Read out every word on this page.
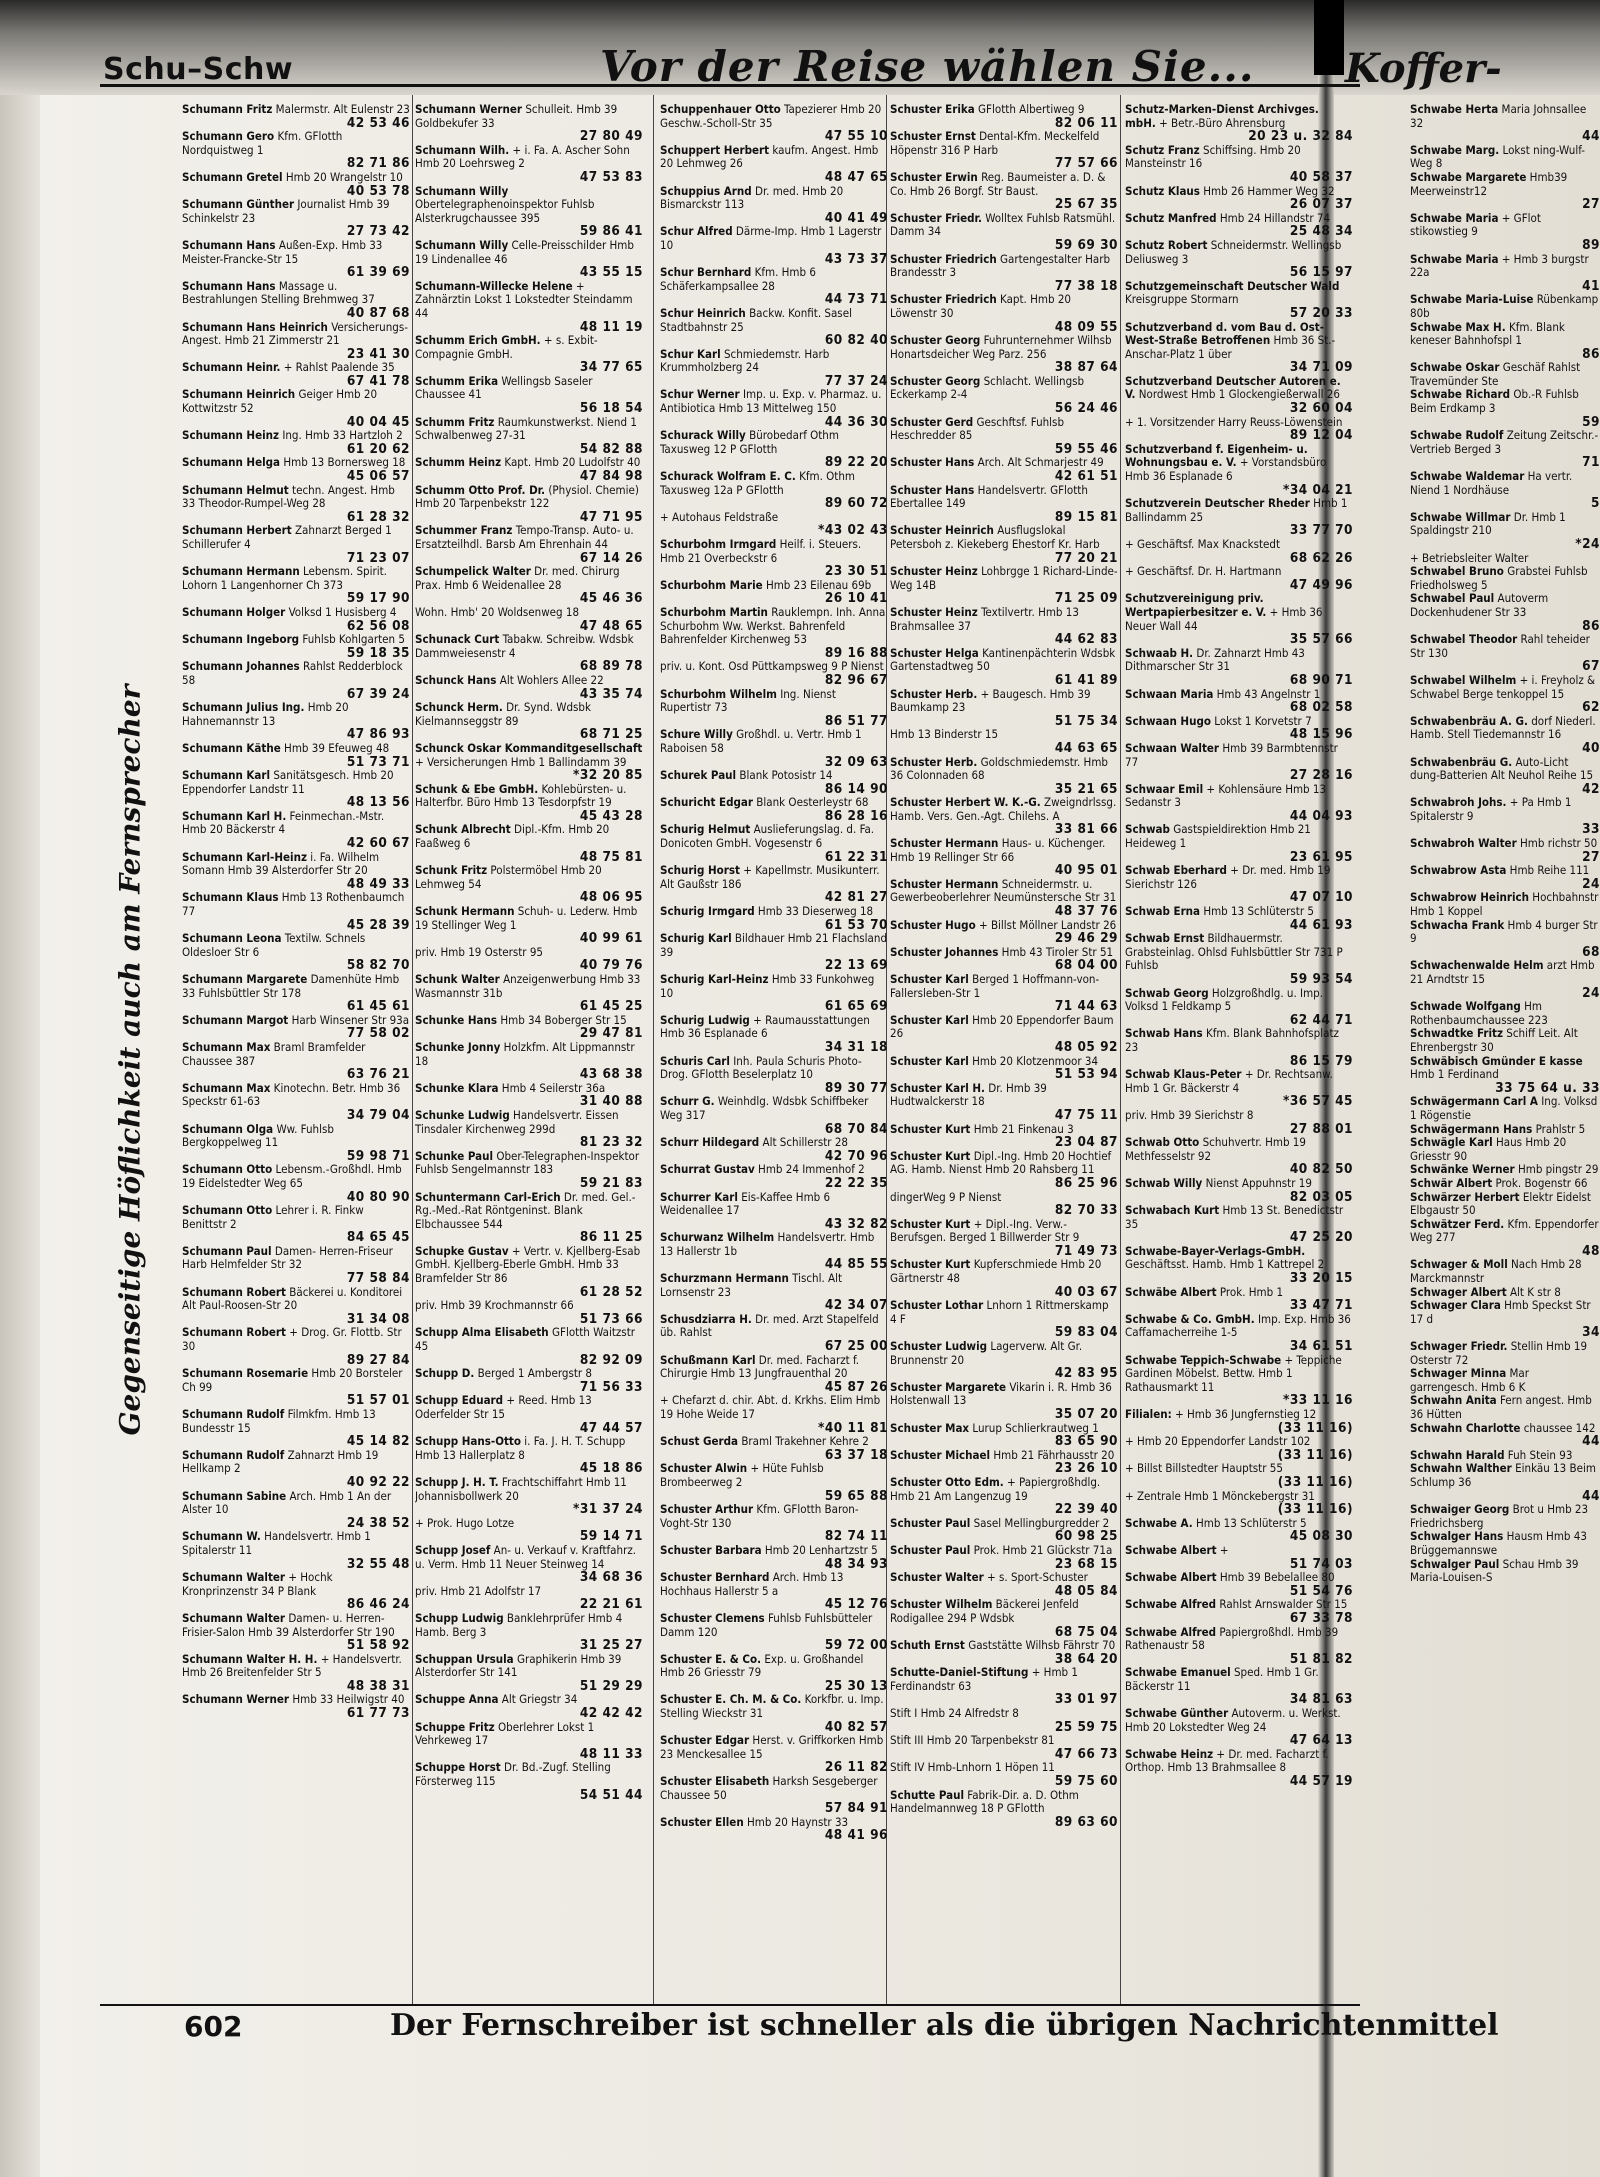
Schu–Schw	Vor der Reise wählen Sie... Koffer-
Gegenseitige Höflichkeit auch am Fernsprecher
Schumann Fritz Malermstr. Alt Eulenstr 23
42 53 46
Schumann Gero Kfm. GFlotth Nordquistweg 1
82 71 86
Schumann Gretel Hmb 20 Wrangelstr 10
40 53 78
Schumann Günther Journalist Hmb 39 Schinkelstr 23
27 73 42
Schumann Hans Außen-Exp. Hmb 33 Meister-Francke-Str 15
61 39 69
Schumann Hans Massage u. Bestrahlungen Stelling Brehmweg 37
40 87 68
Schumann Hans Heinrich Versicherungs-Angest. Hmb 21 Zimmerstr 21
23 41 30
Schumann Heinr. + Rahlst Paalende 35
67 41 78
Schumann Heinrich Geiger Hmb 20 Kottwitzstr 52
40 04 45
Schumann Heinz Ing. Hmb 33 Hartzloh 2
61 20 62
Schumann Helga Hmb 13 Bornersweg 18
45 06 57
Schumann Helmut techn. Angest. Hmb 33 Theodor-Rumpel-Weg 28
61 28 32
Schumann Herbert Zahnarzt Berged 1 Schillerufer 4
71 23 07
Schumann Hermann Lebensm. Spirit. Lohorn 1 Langenhorner Ch 373
59 17 90
Schumann Holger Volksd 1 Husisberg 4
62 56 08
Schumann Ingeborg Fuhlsb Kohlgarten 5
59 18 35
Schumann Johannes Rahlst Redderblock 58
67 39 24
Schumann Julius Ing. Hmb 20 Hahnemannstr 13
47 86 93
Schumann Käthe Hmb 39 Efeuweg 48
51 73 71
Schumann Karl Sanitätsgesch. Hmb 20 Eppendorfer Landstr 11
48 13 56
Schumann Karl H. Feinmechan.-Mstr. Hmb 20 Bäckerstr 4
42 60 67
Schumann Karl-Heinz i. Fa. Wilhelm Somann Hmb 39 Alsterdorfer Str 20
48 49 33
Schumann Klaus Hmb 13 Rothenbaumch 77
45 28 39
Schumann Leona Textilw. Schnels Oldesloer Str 6
58 82 70
Schumann Margarete Damenhüte Hmb 33 Fuhlsbüttler Str 178
61 45 61
Schumann Margot Harb Winsener Str 93a
77 58 02
Schumann Max Braml Bramfelder Chaussee 387
63 76 21
Schumann Max Kinotechn. Betr. Hmb 36 Speckstr 61-63
34 79 04
Schumann Olga Ww. Fuhlsb Bergkoppelweg 11
59 98 71
Schumann Otto Lebensm.-Großhdl. Hmb 19 Eidelstedter Weg 65
40 80 90
Schumann Otto Lehrer i. R. Finkw Benittstr 2
84 65 45
Schumann Paul Damen- Herren-Friseur Harb Helmfelder Str 32
77 58 84
Schumann Robert Bäckerei u. Konditorei Alt Paul-Roosen-Str 20
31 34 08
Schumann Robert + Drog. Gr. Flottb. Str 30
89 27 84
Schumann Rosemarie Hmb 20 Borsteler Ch 99
51 57 01
Schumann Rudolf Filmkfm. Hmb 13 Bundesstr 15
45 14 82
Schumann Rudolf Zahnarzt Hmb 19 Hellkamp 2
40 92 22
Schumann Sabine Arch. Hmb 1 An der Alster 10
24 38 52
Schumann W. Handelsvertr. Hmb 1 Spitalerstr 11
32 55 48
Schumann Walter + Hochk Kronprinzenstr 34 P Blank
86 46 24
Schumann Walter Damen- u. Herren-Frisier-Salon Hmb 39 Alsterdorfer Str 190
51 58 92
Schumann Walter H. H. + Handelsvertr. Hmb 26 Breitenfelder Str 5
48 38 31
Schumann Werner Hmb 33 Heilwigstr 40
61 77 73
Schumann Werner Schulleit. Hmb 39 Goldbekufer 33
27 80 49
Schumann Wilh. + i. Fa. A. Ascher Sohn Hmb 20 Loehrsweg 2
47 53 83
Schumann Willy Obertelegraphenoinspektor Fuhlsb Alsterkrugchaussee 395
59 86 41
Schumann Willy Celle-Preisschilder Hmb 19 Lindenallee 46
43 55 15
Schumann-Willecke Helene + Zahnärztin Lokst 1 Lokstedter Steindamm 44
48 11 19
Schumm Erich GmbH. + s. Exbit-Compagnie GmbH.
34 77 65
Schumm Erika Wellingsb Saseler Chaussee 41
56 18 54
Schumm Fritz Raumkunstwerkst. Niend 1 Schwalbenweg 27-31
54 82 88
Schumm Heinz Kapt. Hmb 20 Ludolfstr 40
47 84 98
Schumm Otto Prof. Dr. (Physiol. Chemie) Hmb 20 Tarpenbekstr 122
47 71 95
Schummer Franz Tempo-Transp. Auto- u. Ersatzteilhdl. Barsb Am Ehrenhain 44
67 14 26
Schumpelick Walter Dr. med. Chirurg Prax. Hmb 6 Weidenallee 28
45 46 36
Wohn. Hmb' 20 Woldsenweg 18
47 48 65
Schunack Curt Tabakw. Schreibw. Wdsbk Dammweiesenstr 4
68 89 78
Schunck Hans Alt Wohlers Allee 22
43 35 74
Schunck Herm. Dr. Synd. Wdsbk Kielmannseggstr 89
68 71 25
Schunck Oskar Kommanditgesellschaft + Versicherungen Hmb 1 Ballindamm 39
*32 20 85
Schunk & Ebe GmbH. Kohlebürsten- u. Halterfbr. Büro Hmb 13 Tesdorpfstr 19
45 43 28
Schunk Albrecht Dipl.-Kfm. Hmb 20 Faaßweg 6
48 75 81
Schunk Fritz Polstermöbel Hmb 20 Lehmweg 54
48 06 95
Schunk Hermann Schuh- u. Lederw. Hmb 19 Stellinger Weg 1
40 99 61
priv. Hmb 19 Osterstr 95
40 79 76
Schunk Walter Anzeigenwerbung Hmb 33 Wasmannstr 31b
61 45 25
Schunke Hans Hmb 34 Boberger Str 15
29 47 81
Schunke Jonny Holzkfm. Alt Lippmannstr 18
43 68 38
Schunke Klara Hmb 4 Seilerstr 36a
31 40 88
Schunke Ludwig Handelsvertr. Eissen Tinsdaler Kirchenweg 299d
81 23 32
Schunke Paul Ober-Telegraphen-Inspektor Fuhlsb Sengelmannstr 183
59 21 83
Schuntermann Carl-Erich Dr. med. Gel.-Rg.-Med.-Rat Röntgeninst. Blank Elbchaussee 544
86 11 25
Schupke Gustav + Vertr. v. Kjellberg-Esab GmbH. Kjellberg-Eberle GmbH. Hmb 33 Bramfelder Str 86
61 28 52
priv. Hmb 39 Krochmannstr 66
51 73 66
Schupp Alma Elisabeth GFlotth Waitzstr 45
82 92 09
Schupp D. Berged 1 Ambergstr 8
71 56 33
Schupp Eduard + Reed. Hmb 13 Oderfelder Str 15
47 44 57
Schupp Hans-Otto i. Fa. J. H. T. Schupp Hmb 13 Hallerplatz 8
45 18 86
Schupp J. H. T. Frachtschiffahrt Hmb 11 Johannisbollwerk 20
*31 37 24
+ Prok. Hugo Lotze
59 14 71
Schupp Josef An- u. Verkauf v. Kraftfahrz. u. Verm. Hmb 11 Neuer Steinweg 14
34 68 36
priv. Hmb 21 Adolfstr 17
22 21 61
Schupp Ludwig Banklehrprüfer Hmb 4 Hamb. Berg 3
31 25 27
Schuppan Ursula Graphikerin Hmb 39 Alsterdorfer Str 141
51 29 29
Schuppe Anna Alt Griegstr 34
42 42 42
Schuppe Fritz Oberlehrer Lokst 1 Vehrkeweg 17
48 11 33
Schuppe Horst Dr. Bd.-Zugf. Stelling Försterweg 115
54 51 44
Schuppenhauer Otto Tapezierer Hmb 20 Geschw.-Scholl-Str 35
47 55 10
Schuppert Herbert kaufm. Angest. Hmb 20 Lehmweg 26
48 47 65
Schuppius Arnd Dr. med. Hmb 20 Bismarckstr 113
40 41 49
Schur Alfred Därme-Imp. Hmb 1 Lagerstr 10
43 73 37
Schur Bernhard Kfm. Hmb 6 Schäferkampsallee 28
44 73 71
Schur Heinrich Backw. Konfit. Sasel Stadtbahnstr 25
60 82 40
Schur Karl Schmiedemstr. Harb Krummholzberg 24
77 37 24
Schur Werner Imp. u. Exp. v. Pharmaz. u. Antibiotica Hmb 13 Mittelweg 150
44 36 30
Schurack Willy Bürobedarf Othm Taxusweg 12 P GFlotth
89 22 20
Schurack Wolfram E. C. Kfm. Othm Taxusweg 12a P GFlotth
89 60 72
+ Autohaus Feldstraße
*43 02 43
Schurbohm Irmgard Heilf. i. Steuers. Hmb 21 Overbeckstr 6
23 30 51
Schurbohm Marie Hmb 23 Eilenau 69b
26 10 41
Schurbohm Martin Rauklempn. Inh. Anna Schurbohm Ww. Werkst. Bahrenfeld Bahrenfelder Kirchenweg 53
89 16 88
priv. u. Kont. Osd Püttkampsweg 9 P Nienst
82 96 67
Schurbohm Wilhelm Ing. Nienst Rupertistr 73
86 51 77
Schure Willy Großhdl. u. Vertr. Hmb 1 Raboisen 58
32 09 63
Schurek Paul Blank Potosistr 14
86 14 90
Schuricht Edgar Blank Oesterleystr 68
86 28 16
Schurig Helmut Auslieferungslag. d. Fa. Donicoten GmbH. Vogesenstr 6
61 22 31
Schurig Horst + Kapellmstr. Musikunterr. Alt Gaußstr 186
42 81 27
Schurig Irmgard Hmb 33 Dieserweg 18
61 53 70
Schurig Karl Bildhauer Hmb 21 Flachsland 39
22 13 69
Schurig Karl-Heinz Hmb 33 Funkohweg 10
61 65 69
Schurig Ludwig + Raumausstattungen Hmb 36 Esplanade 6
34 31 18
Schuris Carl Inh. Paula Schuris Photo-Drog. GFlotth Beselerplatz 10
89 30 77
Schurr G. Weinhdlg. Wdsbk Schiffbeker Weg 317
68 70 84
Schurr Hildegard Alt Schillerstr 28
42 70 96
Schurrat Gustav Hmb 24 Immenhof 2
22 22 35
Schurrer Karl Eis-Kaffee Hmb 6 Weidenallee 17
43 32 82
Schurwanz Wilhelm Handelsvertr. Hmb 13 Hallerstr 1b
44 85 55
Schurzmann Hermann Tischl. Alt Lornsenstr 23
42 34 07
Schusdziarra H. Dr. med. Arzt Stapelfeld üb. Rahlst
67 25 00
Schußmann Karl Dr. med. Facharzt f. Chirurgie Hmb 13 Jungfrauenthal 20
45 87 26
+ Chefarzt d. chir. Abt. d. Krkhs. Elim Hmb 19 Hohe Weide 17
*40 11 81
Schust Gerda Braml Trakehner Kehre 2
63 37 18
Schuster Alwin + Hüte Fuhlsb Brombeerweg 2
59 65 88
Schuster Arthur Kfm. GFlotth Baron-Voght-Str 130
82 74 11
Schuster Barbara Hmb 20 Lenhartzstr 5
48 34 93
Schuster Bernhard Arch. Hmb 13 Hochhaus Hallerstr 5 a
45 12 76
Schuster Clemens Fuhlsb Fuhlsbütteler Damm 120
59 72 00
Schuster E. & Co. Exp. u. Großhandel Hmb 26 Griesstr 79
25 30 13
Schuster E. Ch. M. & Co. Korkfbr. u. Imp. Stelling Wieckstr 31
40 82 57
Schuster Edgar Herst. v. Griffkorken Hmb 23 Menckesallee 15
26 11 82
Schuster Elisabeth Harksh Sesgeberger Chaussee 50
57 84 91
Schuster Ellen Hmb 20 Haynstr 33
48 41 96
Schuster Erika GFlotth Albertiweg 9
82 06 11
Schuster Ernst Dental-Kfm. Meckelfeld Höpenstr 316 P Harb
77 57 66
Schuster Erwin Reg. Baumeister a. D. & Co. Hmb 26 Borgf. Str Baust.
25 67 35
Schuster Friedr. Wolltex Fuhlsb Ratsmühl. Damm 34
59 69 30
Schuster Friedrich Gartengestalter Harb Brandesstr 3
77 38 18
Schuster Friedrich Kapt. Hmb 20 Löwenstr 30
48 09 55
Schuster Georg Fuhrunternehmer Wilhsb Honartsdeicher Weg Parz. 256
38 87 64
Schuster Georg Schlacht. Wellingsb Eckerkamp 2-4
56 24 46
Schuster Gerd Geschftsf. Fuhlsb Heschredder 85
59 55 46
Schuster Hans Arch. Alt Schmarjestr 49
42 61 51
Schuster Hans Handelsvertr. GFlotth Ebertallee 149
89 15 81
Schuster Heinrich Ausflugslokal Petersboh z. Kiekeberg Ehestorf Kr. Harb
77 20 21
Schuster Heinz Lohbrgge 1 Richard-Linde-Weg 14B
71 25 09
Schuster Heinz Textilvertr. Hmb 13 Brahmsallee 37
44 62 83
Schuster Helga Kantinenpächterin Wdsbk Gartenstadtweg 50
61 41 89
Schuster Herb. + Baugesch. Hmb 39 Baumkamp 23
51 75 34
Hmb 13 Binderstr 15
44 63 65
Schuster Herb. Goldschmiedemstr. Hmb 36 Colonnaden 68
35 21 65
Schuster Herbert W. K.-G. Zweigndrlssg. Hamb. Vers. Gen.-Agt. Chilehs. A
33 81 66
Schuster Hermann Haus- u. Küchenger. Hmb 19 Rellinger Str 66
40 95 01
Schuster Hermann Schneidermstr. u. Gewerbeoberlehrer Neumünstersche Str 31
48 37 76
Schuster Hugo + Billst Möllner Landstr 26
29 46 29
Schuster Johannes Hmb 43 Tiroler Str 51
68 04 00
Schuster Karl Berged 1 Hoffmann-von-Fallersleben-Str 1
71 44 63
Schuster Karl Hmb 20 Eppendorfer Baum 26
48 05 92
Schuster Karl Hmb 20 Klotzenmoor 34
51 53 94
Schuster Karl H. Dr. Hmb 39 Hudtwalckerstr 18
47 75 11
Schuster Kurt Hmb 21 Finkenau 3
23 04 87
Schuster Kurt Dipl.-Ing. Hmb 20 Hochtief AG. Hamb. Nienst Hmb 20 Rahsberg 11
86 25 96
dingerWeg 9 P Nienst
82 70 33
Schuster Kurt + Dipl.-Ing. Verw.-Berufsgen. Berged 1 Billwerder Str 9
71 49 73
Schuster Kurt Kupferschmiede Hmb 20 Gärtnerstr 48
40 03 67
Schuster Lothar Lnhorn 1 Rittmerskamp 4 F
59 83 04
Schuster Ludwig Lagerverw. Alt Gr. Brunnenstr 20
42 83 95
Schuster Margarete Vikarin i. R. Hmb 36 Holstenwall 13
35 07 20
Schuster Max Lurup Schlierkrautweg 1
83 65 90
Schuster Michael Hmb 21 Fährhausstr 20
23 26 10
Schuster Otto Edm. + Papiergroßhdlg. Hmb 21 Am Langenzug 19
22 39 40
Schuster Paul Sasel Mellingburgredder 2
60 98 25
Schuster Paul Prok. Hmb 21 Glückstr 71a
23 68 15
Schuster Walter + s. Sport-Schuster
48 05 84
Schuster Wilhelm Bäckerei Jenfeld Rodigallee 294 P Wdsbk
68 75 04
Schuth Ernst Gaststätte Wilhsb Fährstr 70
38 64 20
Schutte-Daniel-Stiftung + Hmb 1 Ferdinandstr 63
33 01 97
Stift I Hmb 24 Alfredstr 8
25 59 75
Stift III Hmb 20 Tarpenbekstr 81
47 66 73
Stift IV Hmb-Lnhorn 1 Höpen 11
59 75 60
Schutte Paul Fabrik-Dir. a. D. Othm Handelmannweg 18 P GFlotth
89 63 60
Schutz-Marken-Dienst Archivges. mbH. + Betr.-Büro Ahrensburg
20 23 u. 32 84
Schutz Franz Schiffsing. Hmb 20 Mansteinstr 16
40 58 37
Schutz Klaus Hmb 26 Hammer Weg 32
26 07 37
Schutz Manfred Hmb 24 Hillandstr 74
25 48 34
Schutz Robert Schneidermstr. Wellingsb Deliusweg 3
56 15 97
Schutzgemeinschaft Deutscher Wald Kreisgruppe Stormarn
57 20 33
Schutzverband d. vom Bau d. Ost-West-Straße Betroffenen Hmb 36 St.-Anschar-Platz 1 über
34 71 09
Schutzverband Deutscher Autoren e. V. Nordwest Hmb 1 Glockengießerwall 26
32 60 04
+ 1. Vorsitzender Harry Reuss-Löwenstein
89 12 04
Schutzverband f. Eigenheim- u. Wohnungsbau e. V. + Vorstandsbüro Hmb 36 Esplanade 6
*34 04 21
Schutzverein Deutscher Rheder Hmb 1 Ballindamm 25
33 77 70
+ Geschäftsf. Max Knackstedt
68 62 26
+ Geschäftsf. Dr. H. Hartmann
47 49 96
Schutzvereinigung priv. Wertpapierbesitzer e. V. + Hmb 36 Neuer Wall 44
35 57 66
Schwaab H. Dr. Zahnarzt Hmb 43 Dithmarscher Str 31
68 90 71
Schwaan Maria Hmb 43 Angelnstr 1
68 02 58
Schwaan Hugo Lokst 1 Korvetstr 7
48 15 96
Schwaan Walter Hmb 39 Barmbtennstr 77
27 28 16
Schwaar Emil + Kohlensäure Hmb 13 Sedanstr 3
44 04 93
Schwab Gastspieldirektion Hmb 21 Heideweg 1
23 61 95
Schwab Eberhard + Dr. med. Hmb 19 Sierichstr 126
47 07 10
Schwab Erna Hmb 13 Schlüterstr 5
44 61 93
Schwab Ernst Bildhauermstr. Grabsteinlag. Ohlsd Fuhlsbüttler Str 731 P Fuhlsb
59 93 54
Schwab Georg Holzgroßhdlg. u. Imp. Volksd 1 Feldkamp 5
62 44 71
Schwab Hans Kfm. Blank Bahnhofsplatz 23
86 15 79
Schwab Klaus-Peter + Dr. Rechtsanw. Hmb 1 Gr. Bäckerstr 4
*36 57 45
priv. Hmb 39 Sierichstr 8
27 88 01
Schwab Otto Schuhvertr. Hmb 19 Methfesselstr 92
40 82 50
Schwab Willy Nienst Appuhnstr 19
82 03 05
Schwabach Kurt Hmb 13 St. Benedictstr 35
47 25 20
Schwabe-Bayer-Verlags-GmbH. Geschäftsst. Hamb. Hmb 1 Kattrepel 2
33 20 15
Schwäbe Albert Prok. Hmb 1
33 47 71
Schwabe & Co. GmbH. Imp. Exp. Hmb 36 Caffamacherreihe 1-5
34 61 51
Schwabe Teppich-Schwabe + Teppiche Gardinen Möbelst. Bettw. Hmb 1 Rathausmarkt 11
*33 11 16
Filialen: + Hmb 36 Jungfernstieg 12
(33 11 16)
+ Hmb 20 Eppendorfer Landstr 102
(33 11 16)
+ Billst Billstedter Hauptstr 55
(33 11 16)
+ Zentrale Hmb 1 Mönckebergstr 31
(33 11 16)
Schwabe A. Hmb 13 Schlüterstr 5
45 08 30
Schwabe Albert +
51 74 03
Schwabe Albert Hmb 39 Bebelallee 80
51 54 76
Schwabe Alfred Rahlst Arnswalder Str 15
67 33 78
Schwabe Alfred Papiergroßhdl. Hmb 39 Rathenaustr 58
51 81 82
Schwabe Emanuel Sped. Hmb 1 Gr. Bäckerstr 11
34 81 63
Schwabe Günther Autoverm. u. Werkst. Hmb 20 Lokstedter Weg 24
47 64 13
Schwabe Heinz + Dr. med. Facharzt f. Orthop. Hmb 13 Brahmsallee 8
44 57 19
Schwabe Herta Maria Johnsallee 32
44
Schwabe Marg. Lokst ning-Wulf-Weg 8
Schwabe Margarete Hmb39 Meerweinstr12
27
Schwabe Maria + GFlot stikowstieg 9
89
Schwabe Maria + Hmb 3 burgstr 22a
41
Schwabe Maria-Luise Rübenkamp 80b
Schwabe Max H. Kfm. Blank keneser Bahnhofspl 1
86
Schwabe Oskar Geschäf Rahlst Travemünder Ste
Schwabe Richard Ob.-R Fuhlsb Beim Erdkamp 3
59
Schwabe Rudolf Zeitung Zeitschr.-Vertrieb Berged 3
71
Schwabe Waldemar Ha vertr. Niend 1 Nordhäuse
5
Schwabe Willmar Dr. Hmb 1 Spaldingstr 210
*24
+ Betriebsleiter Walter
Schwabel Bruno Grabstei Fuhlsb Friedholsweg 5
Schwabel Paul Autoverm Dockenhudener Str 33
86
Schwabel Theodor Rahl teheider Str 130
67
Schwabel Wilhelm + i. Freyholz & Schwabel Berge tenkoppel 15
62
Schwabenbräu A. G. dorf Niederl. Hamb. Stell Tiedemannstr 16
40
Schwabenbräu G. Auto-Licht dung-Batterien Alt Neuhol Reihe 15
42
Schwabroh Johs. + Pa Hmb 1 Spitalerstr 9
33
Schwabroh Walter Hmb richstr 50
27
Schwabrow Asta Hmb Reihe 111
24
Schwabrow Heinrich Hochbahnstr Hmb 1 Koppel
Schwacha Frank Hmb 4 burger Str 9
68
Schwachenwalde Helm arzt Hmb 21 Arndtstr 15
24
Schwade Wolfgang Hm Rothenbaumchaussee 223
Schwadtke Fritz Schiff Leit. Alt Ehrenbergstr 30
Schwäbisch Gmünder E kasse Hmb 1 Ferdinand
33 75 64 u. 33
Schwägermann Carl A Ing. Volksd 1 Rögenstie
Schwägermann Hans Prahlstr 5
Schwägle Karl Haus Hmb 20 Griesstr 90
Schwänke Werner Hmb pingstr 29
Schwär Albert Prok. Bogenstr 66
Schwärzer Herbert Elektr Eidelst Elbgaustr 50
Schwätzer Ferd. Kfm. Eppendorfer Weg 277
48
Schwager & Moll Nach Hmb 28 Marckmannstr
Schwager Albert Alt K str 8
Schwager Clara Hmb Speckst Str 17 d
34
Schwager Friedr. Stellin Hmb 19 Osterstr 72
Schwager Minna Mar garrengesch. Hmb 6 K
Schwahn Anita Fern angest. Hmb 36 Hütten
Schwahn Charlotte chaussee 142
44
Schwahn Harald Fuh Stein 93
Schwahn Walther Einkäu 13 Beim Schlump 36
44
Schwaiger Georg Brot u Hmb 23 Friedrichsberg
Schwalger Hans Hausm Hmb 43 Brüggemannswe
Schwalger Paul Schau Hmb 39 Maria-Louisen-S
602	Der Fernschreiber ist schneller als die übrigen Nachrichtenmittel
